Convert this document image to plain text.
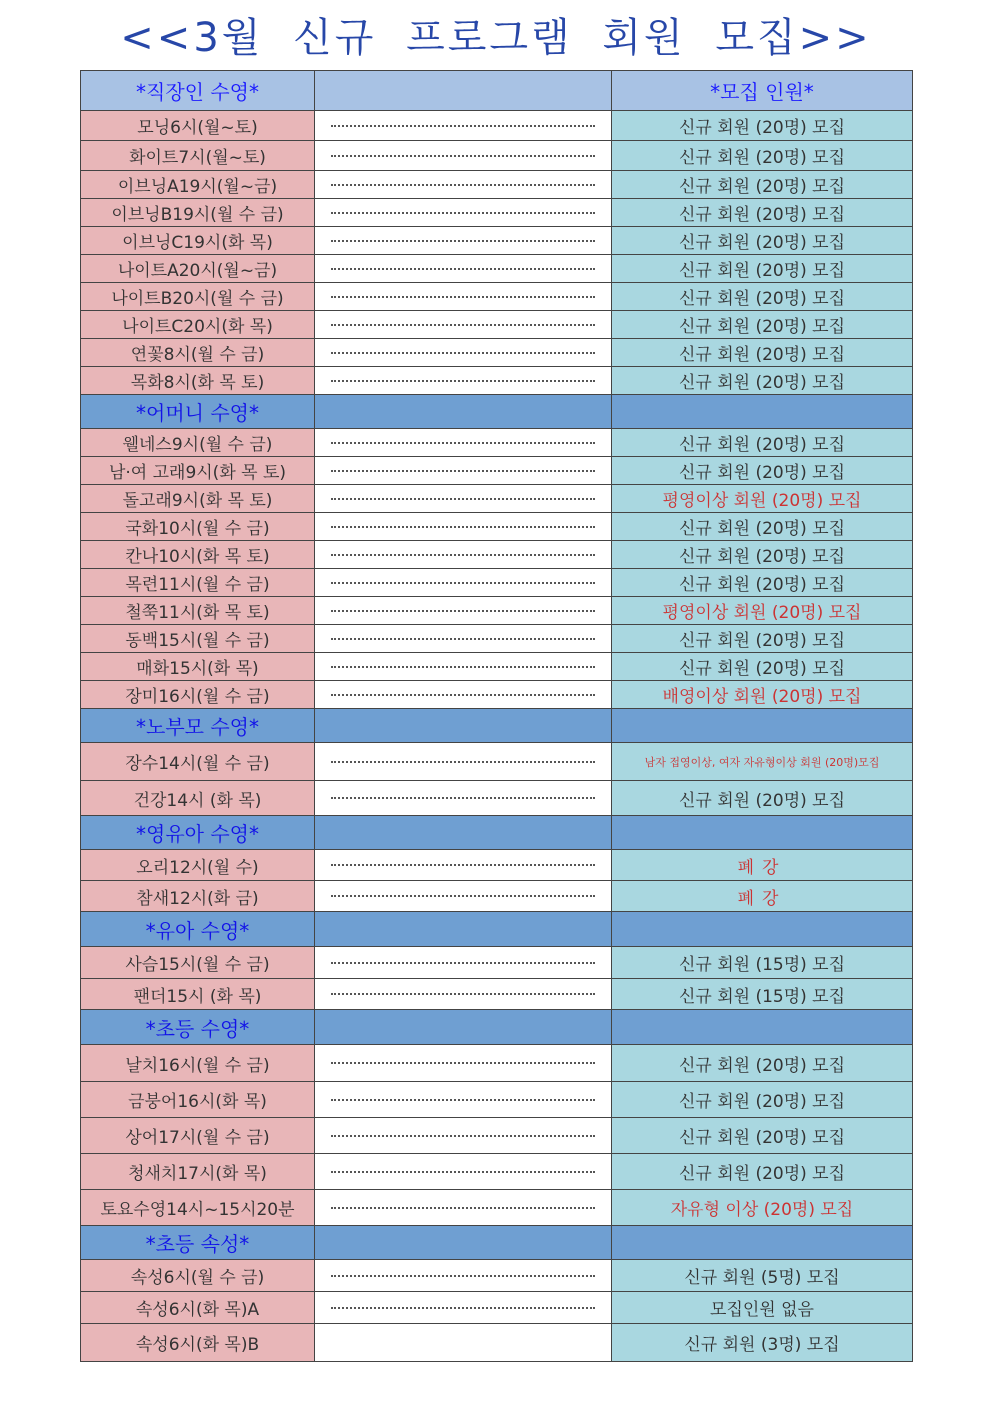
<<3월 신규 프로그램 회원 모집>>
*직장인 수영*		*모집 인원*
모닝6시(월~토)		신규 회원 (20명) 모집
화이트7시(월~토)		신규 회원 (20명) 모집
이브닝A19시(월~금)		신규 회원 (20명) 모집
이브닝B19시(월 수 금)		신규 회원 (20명) 모집
이브닝C19시(화 목)		신규 회원 (20명) 모집
나이트A20시(월~금)		신규 회원 (20명) 모집
나이트B20시(월 수 금)		신규 회원 (20명) 모집
나이트C20시(화 목)		신규 회원 (20명) 모집
연꽃8시(월 수 금)		신규 회원 (20명) 모집
목화8시(화 목 토)		신규 회원 (20명) 모집
*어머니 수영*		
웰네스9시(월 수 금)		신규 회원 (20명) 모집
남·여 고래9시(화 목 토)		신규 회원 (20명) 모집
돌고래9시(화 목 토)		평영이상 회원 (20명) 모집
국화10시(월 수 금)		신규 회원 (20명) 모집
칸나10시(화 목 토)		신규 회원 (20명) 모집
목련11시(월 수 금)		신규 회원 (20명) 모집
철쭉11시(화 목 토)		평영이상 회원 (20명) 모집
동백15시(월 수 금)		신규 회원 (20명) 모집
매화15시(화 목)		신규 회원 (20명) 모집
장미16시(월 수 금)		배영이상 회원 (20명) 모집
*노부모 수영*		
장수14시(월 수 금)		남자 접영이상, 여자 자유형이상 회원 (20명)모집
건강14시 (화 목)		신규 회원 (20명) 모집
*영유아 수영*		
오리12시(월 수)		폐강
참새12시(화 금)		폐강
*유아 수영*		
사슴15시(월 수 금)		신규 회원 (15명) 모집
팬더15시 (화 목)		신규 회원 (15명) 모집
*초등 수영*		
날치16시(월 수 금)		신규 회원 (20명) 모집
금붕어16시(화 목)		신규 회원 (20명) 모집
상어17시(월 수 금)		신규 회원 (20명) 모집
청새치17시(화 목)		신규 회원 (20명) 모집
토요수영14시~15시20분		자유형 이상 (20명) 모집
*초등 속성*		
속성6시(월 수 금)		신규 회원 (5명) 모집
속성6시(화 목)A		모집인원 없음
속성6시(화 목)B		신규 회원 (3명) 모집
